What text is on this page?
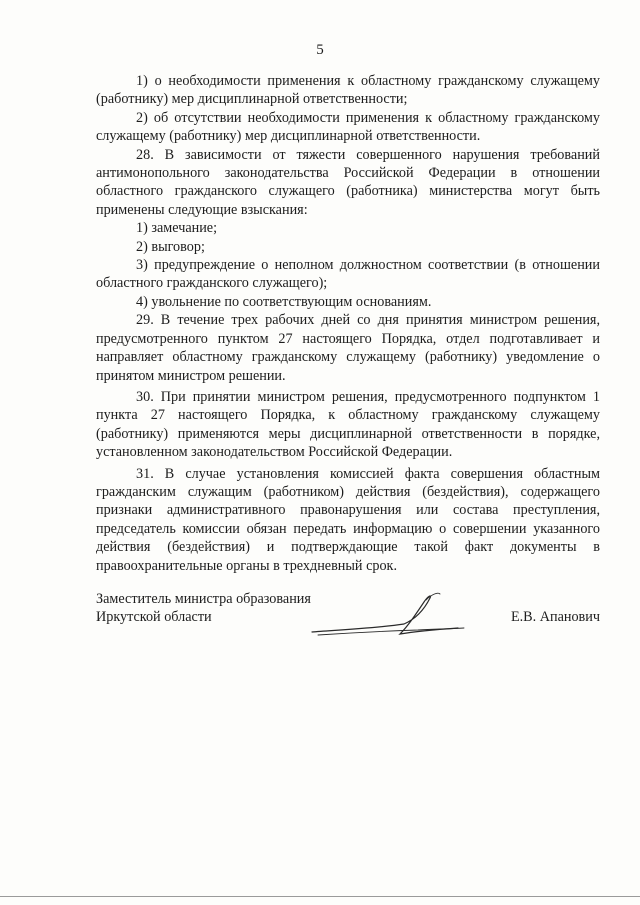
5

1) о необходимости применения к областному гражданскому служащему (работнику) мер дисциплинарной ответственности;

2) об отсутствии необходимости применения к областному гражданскому служащему (работнику) мер дисциплинарной ответственности.

28. В зависимости от тяжести совершенного нарушения требований антимонопольного законодательства Российской Федерации в отношении областного гражданского служащего (работника) министерства могут быть применены следующие взыскания:

1) замечание;

2) выговор;

3) предупреждение о неполном должностном соответствии (в отношении областного гражданского служащего);

4) увольнение по соответствующим основаниям.

29. В течение трех рабочих дней со дня принятия министром решения, предусмотренного пунктом 27 настоящего Порядка, отдел подготавливает и направляет областному гражданскому служащему (работнику) уведомление о принятом министром решении.

30. При принятии министром решения, предусмотренного подпунктом 1 пункта 27 настоящего Порядка, к областному гражданскому служащему (работнику) применяются меры дисциплинарной ответственности в порядке, установленном законодательством Российской Федерации.

31. В случае установления комиссией факта совершения областным гражданским служащим (работником) действия (бездействия), содержащего признаки административного правонарушения или состава преступления, председатель комиссии обязан передать информацию о совершении указанного действия (бездействия) и подтверждающие такой факт документы в правоохранительные органы в трехдневный срок.

Заместитель министра образования
Иркутской области	Е.В. Апанович
